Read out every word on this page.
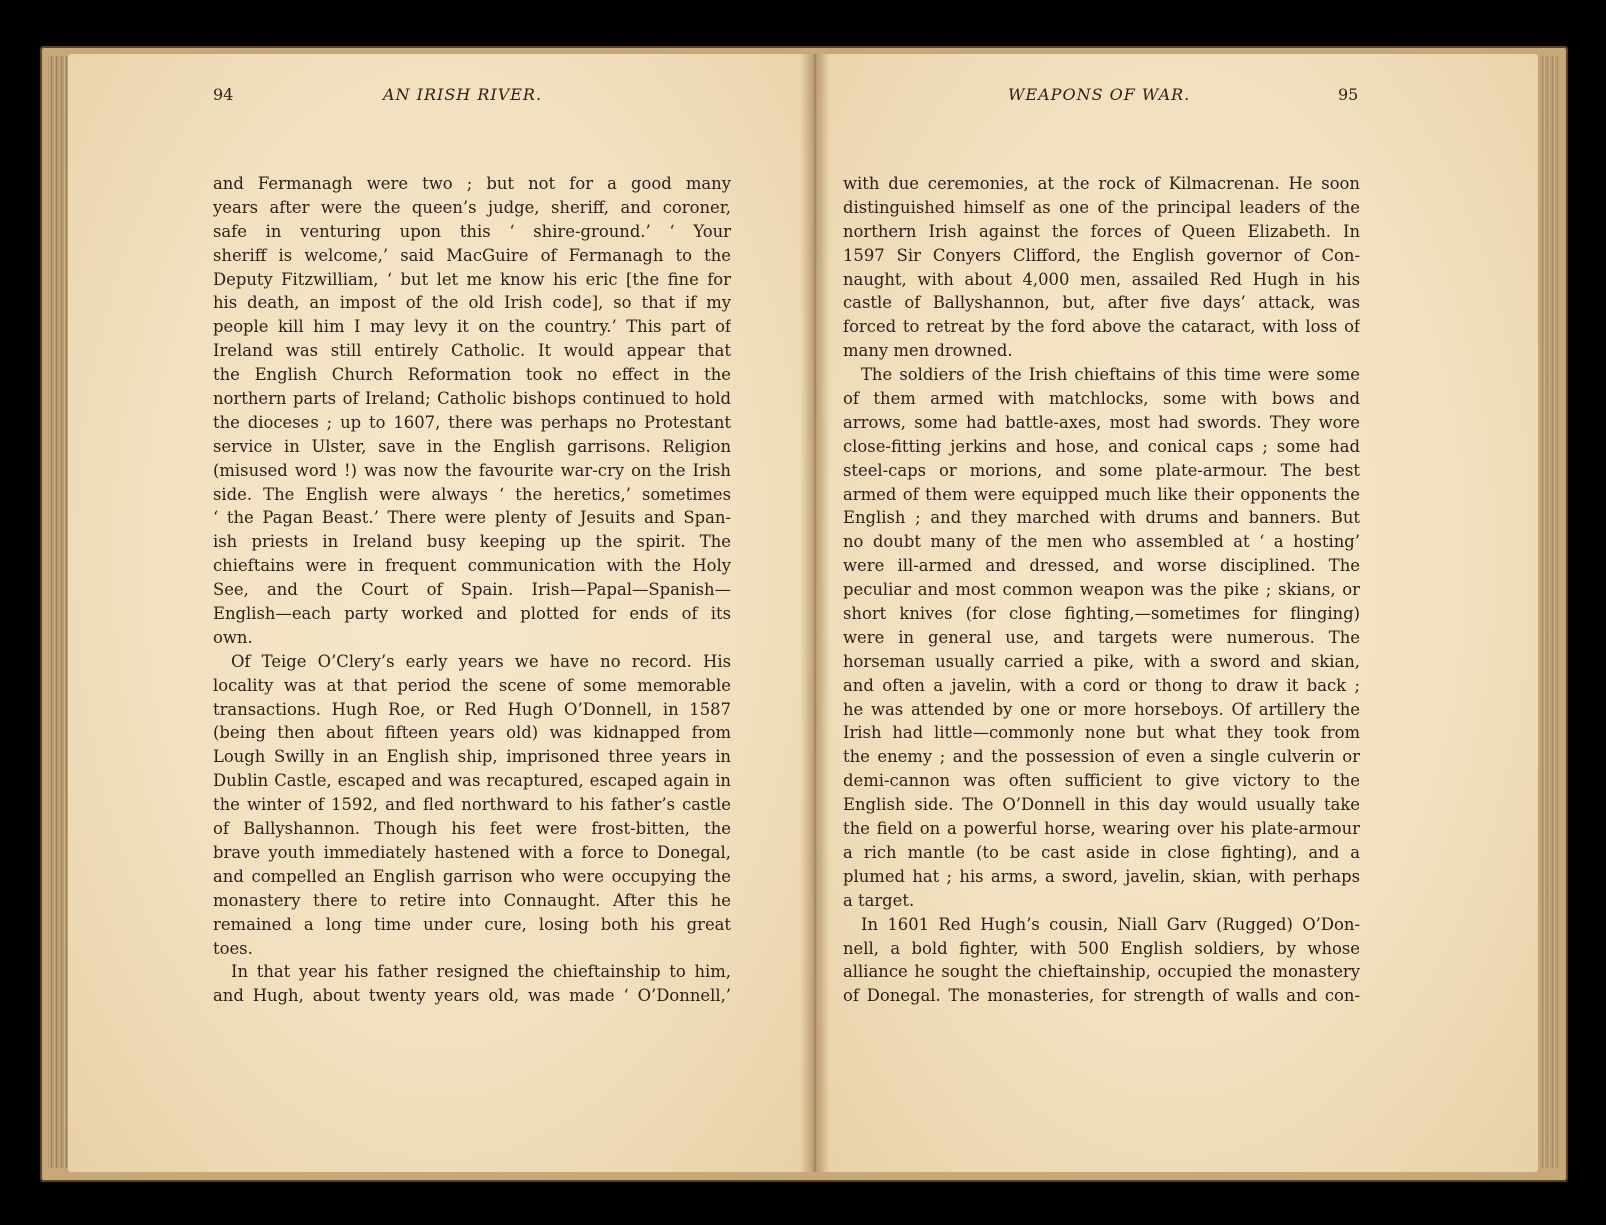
94	AN IRISH RIVER.	WEAPONS OF WAR.	95
and Fermanagh were two ; but not for a good many
years after were the queen’s judge, sheriff, and coroner,
safe in venturing upon this ‘ shire-ground.’ ‘ Your
sheriff is welcome,’ said MacGuire of Fermanagh to the
Deputy Fitzwilliam, ‘ but let me know his eric [the fine for
his death, an impost of the old Irish code], so that if my
people kill him I may levy it on the country.’ This part of
Ireland was still entirely Catholic. It would appear that
the English Church Reformation took no effect in the
northern parts of Ireland; Catholic bishops continued to hold
the dioceses ; up to 1607, there was perhaps no Protestant
service in Ulster, save in the English garrisons. Religion
(misused word !) was now the favourite war-cry on the Irish
side. The English were always ‘ the heretics,’ sometimes
‘ the Pagan Beast.’ There were plenty of Jesuits and Span-
ish priests in Ireland busy keeping up the spirit. The
chieftains were in frequent communication with the Holy
See, and the Court of Spain. Irish—Papal—Spanish—
English—each party worked and plotted for ends of its
own.
Of Teige O’Clery’s early years we have no record. His
locality was at that period the scene of some memorable
transactions. Hugh Roe, or Red Hugh O’Donnell, in 1587
(being then about fifteen years old) was kidnapped from
Lough Swilly in an English ship, imprisoned three years in
Dublin Castle, escaped and was recaptured, escaped again in
the winter of 1592, and fled northward to his father’s castle
of Ballyshannon. Though his feet were frost-bitten, the
brave youth immediately hastened with a force to Donegal,
and compelled an English garrison who were occupying the
monastery there to retire into Connaught. After this he
remained a long time under cure, losing both his great
toes.
In that year his father resigned the chieftainship to him,
and Hugh, about twenty years old, was made ‘ O’Donnell,’
with due ceremonies, at the rock of Kilmacrenan. He soon
distinguished himself as one of the principal leaders of the
northern Irish against the forces of Queen Elizabeth. In
1597 Sir Conyers Clifford, the English governor of Con-
naught, with about 4,000 men, assailed Red Hugh in his
castle of Ballyshannon, but, after five days’ attack, was
forced to retreat by the ford above the cataract, with loss of
many men drowned.
The soldiers of the Irish chieftains of this time were some
of them armed with matchlocks, some with bows and
arrows, some had battle-axes, most had swords. They wore
close-fitting jerkins and hose, and conical caps ; some had
steel-caps or morions, and some plate-armour. The best
armed of them were equipped much like their opponents the
English ; and they marched with drums and banners. But
no doubt many of the men who assembled at ‘ a hosting’
were ill-armed and dressed, and worse disciplined. The
peculiar and most common weapon was the pike ; skians, or
short knives (for close fighting,—sometimes for flinging)
were in general use, and targets were numerous. The
horseman usually carried a pike, with a sword and skian,
and often a javelin, with a cord or thong to draw it back ;
he was attended by one or more horseboys. Of artillery the
Irish had little—commonly none but what they took from
the enemy ; and the possession of even a single culverin or
demi-cannon was often sufficient to give victory to the
English side. The O’Donnell in this day would usually take
the field on a powerful horse, wearing over his plate-armour
a rich mantle (to be cast aside in close fighting), and a
plumed hat ; his arms, a sword, javelin, skian, with perhaps
a target.
In 1601 Red Hugh’s cousin, Niall Garv (Rugged) O’Don-
nell, a bold fighter, with 500 English soldiers, by whose
alliance he sought the chieftainship, occupied the monastery
of Donegal. The monasteries, for strength of walls and con-
